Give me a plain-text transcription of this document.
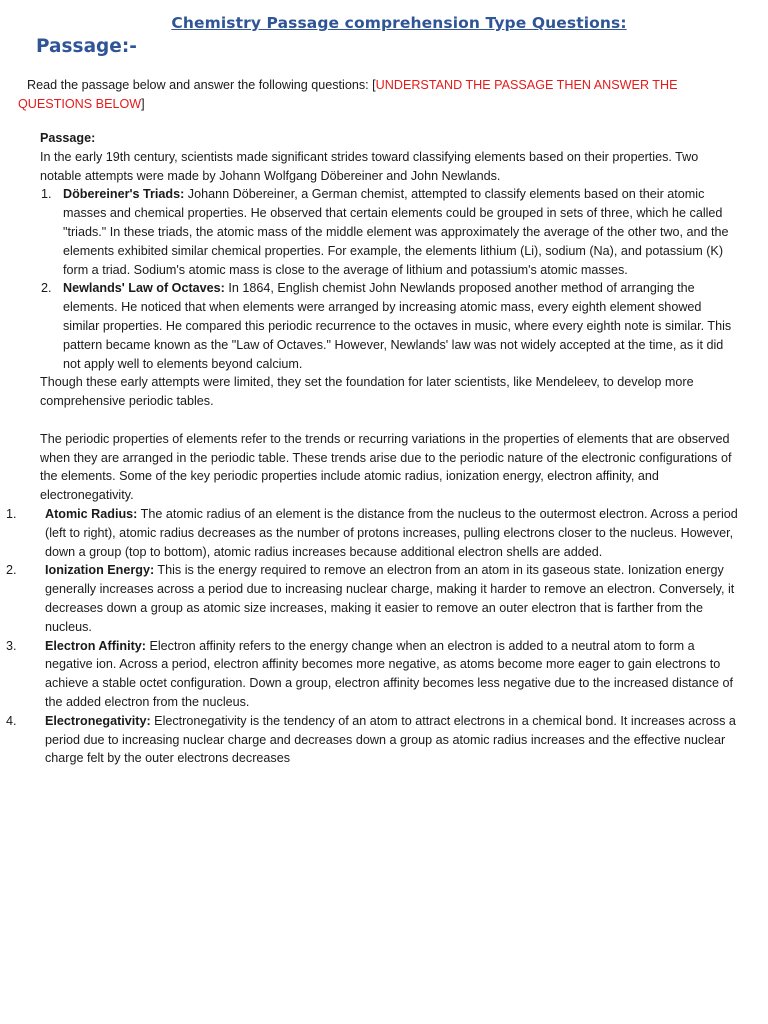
Chemistry Passage comprehension Type Questions:
Passage:-
Read the passage below and answer the following questions: [UNDERSTAND THE PASSAGE THEN ANSWER THE QUESTIONS BELOW]

Passage:

In the early 19th century, scientists made significant strides toward classifying elements based on their properties. Two notable attempts were made by Johann Wolfgang Döbereiner and John Newlands.

1. Döbereiner's Triads: Johann Döbereiner, a German chemist, attempted to classify elements based on their atomic masses and chemical properties. He observed that certain elements could be grouped in sets of three, which he called "triads." In these triads, the atomic mass of the middle element was approximately the average of the other two, and the elements exhibited similar chemical properties. For example, the elements lithium (Li), sodium (Na), and potassium (K) form a triad. Sodium's atomic mass is close to the average of lithium and potassium's atomic masses.
2. Newlands' Law of Octaves: In 1864, English chemist John Newlands proposed another method of arranging the elements. He noticed that when elements were arranged by increasing atomic mass, every eighth element showed similar properties. He compared this periodic recurrence to the octaves in music, where every eighth note is similar. This pattern became known as the "Law of Octaves." However, Newlands' law was not widely accepted at the time, as it did not apply well to elements beyond calcium.

Though these early attempts were limited, they set the foundation for later scientists, like Mendeleev, to develop more comprehensive periodic tables.

The periodic properties of elements refer to the trends or recurring variations in the properties of elements that are observed when they are arranged in the periodic table. These trends arise due to the periodic nature of the electronic configurations of the elements. Some of the key periodic properties include atomic radius, ionization energy, electron affinity, and electronegativity.

1. Atomic Radius: The atomic radius of an element is the distance from the nucleus to the outermost electron. Across a period (left to right), atomic radius decreases as the number of protons increases, pulling electrons closer to the nucleus. However, down a group (top to bottom), atomic radius increases because additional electron shells are added.
2. Ionization Energy: This is the energy required to remove an electron from an atom in its gaseous state. Ionization energy generally increases across a period due to increasing nuclear charge, making it harder to remove an electron. Conversely, it decreases down a group as atomic size increases, making it easier to remove an outer electron that is farther from the nucleus.
3. Electron Affinity: Electron affinity refers to the energy change when an electron is added to a neutral atom to form a negative ion. Across a period, electron affinity becomes more negative, as atoms become more eager to gain electrons to achieve a stable octet configuration. Down a group, electron affinity becomes less negative due to the increased distance of the added electron from the nucleus.
4. Electronegativity: Electronegativity is the tendency of an atom to attract electrons in a chemical bond. It increases across a period due to increasing nuclear charge and decreases down a group as atomic radius increases and the effective nuclear charge felt by the outer electrons decreases
